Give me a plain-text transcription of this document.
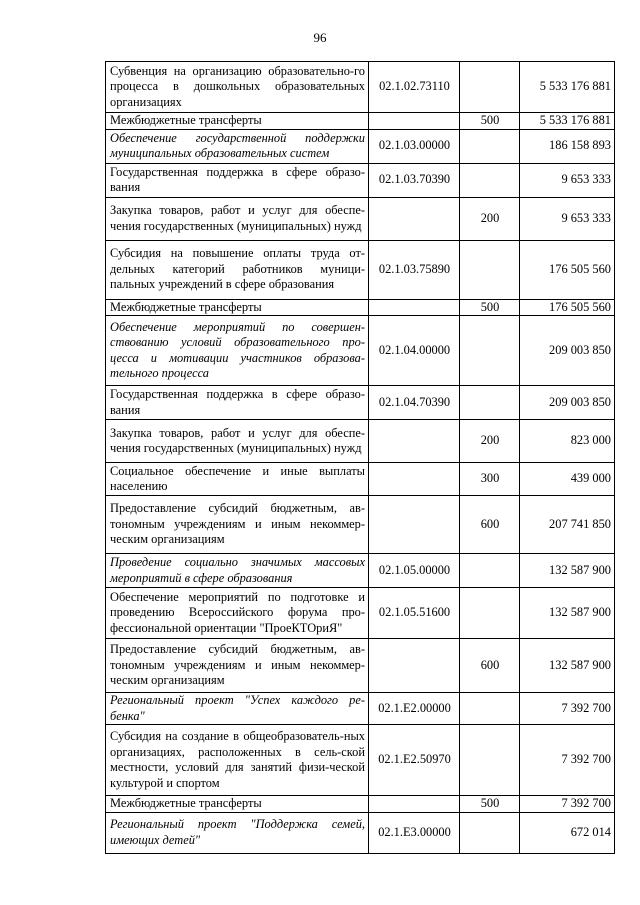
96
Субвенция на организацию образовательно-го процесса в дошкольных образовательных организациях	02.1.02.73110		5 533 176 881
Межбюджетные трансферты		500	5 533 176 881
Обеспечение государственной поддержки муниципальных образовательных систем	02.1.03.00000		186 158 893
Государственная поддержка в сфере образо-вания	02.1.03.70390		9 653 333
Закупка товаров, работ и услуг для обеспе-чения государственных (муниципальных) нужд		200	9 653 333
Субсидия на повышение оплаты труда от-дельных категорий работников муници-пальных учреждений в сфере образования	02.1.03.75890		176 505 560
Межбюджетные трансферты		500	176 505 560
Обеспечение мероприятий по совершен-ствованию условий образовательного про-цесса и мотивации участников образова-тельного процесса	02.1.04.00000		209 003 850
Государственная поддержка в сфере образо-вания	02.1.04.70390		209 003 850
Закупка товаров, работ и услуг для обеспе-чения государственных (муниципальных) нужд		200	823 000
Социальное обеспечение и иные выплаты населению		300	439 000
Предоставление субсидий бюджетным, ав-тономным учреждениям и иным некоммер-ческим организациям		600	207 741 850
Проведение социально значимых массовых мероприятий в сфере образования	02.1.05.00000		132 587 900
Обеспечение мероприятий по подготовке и проведению Всероссийского форума про-фессиональной ориентации "ПроеКТОриЯ"	02.1.05.51600		132 587 900
Предоставление субсидий бюджетным, ав-тономным учреждениям и иным некоммер-ческим организациям		600	132 587 900
Региональный проект "Успех каждого ре-бенка"	02.1.E2.00000		7 392 700
Субсидия на создание в общеобразователь-ных организациях, расположенных в сель-ской местности, условий для занятий физи-ческой культурой и спортом	02.1.E2.50970		7 392 700
Межбюджетные трансферты		500	7 392 700
Региональный проект "Поддержка семей, имеющих детей"	02.1.E3.00000		672 014
